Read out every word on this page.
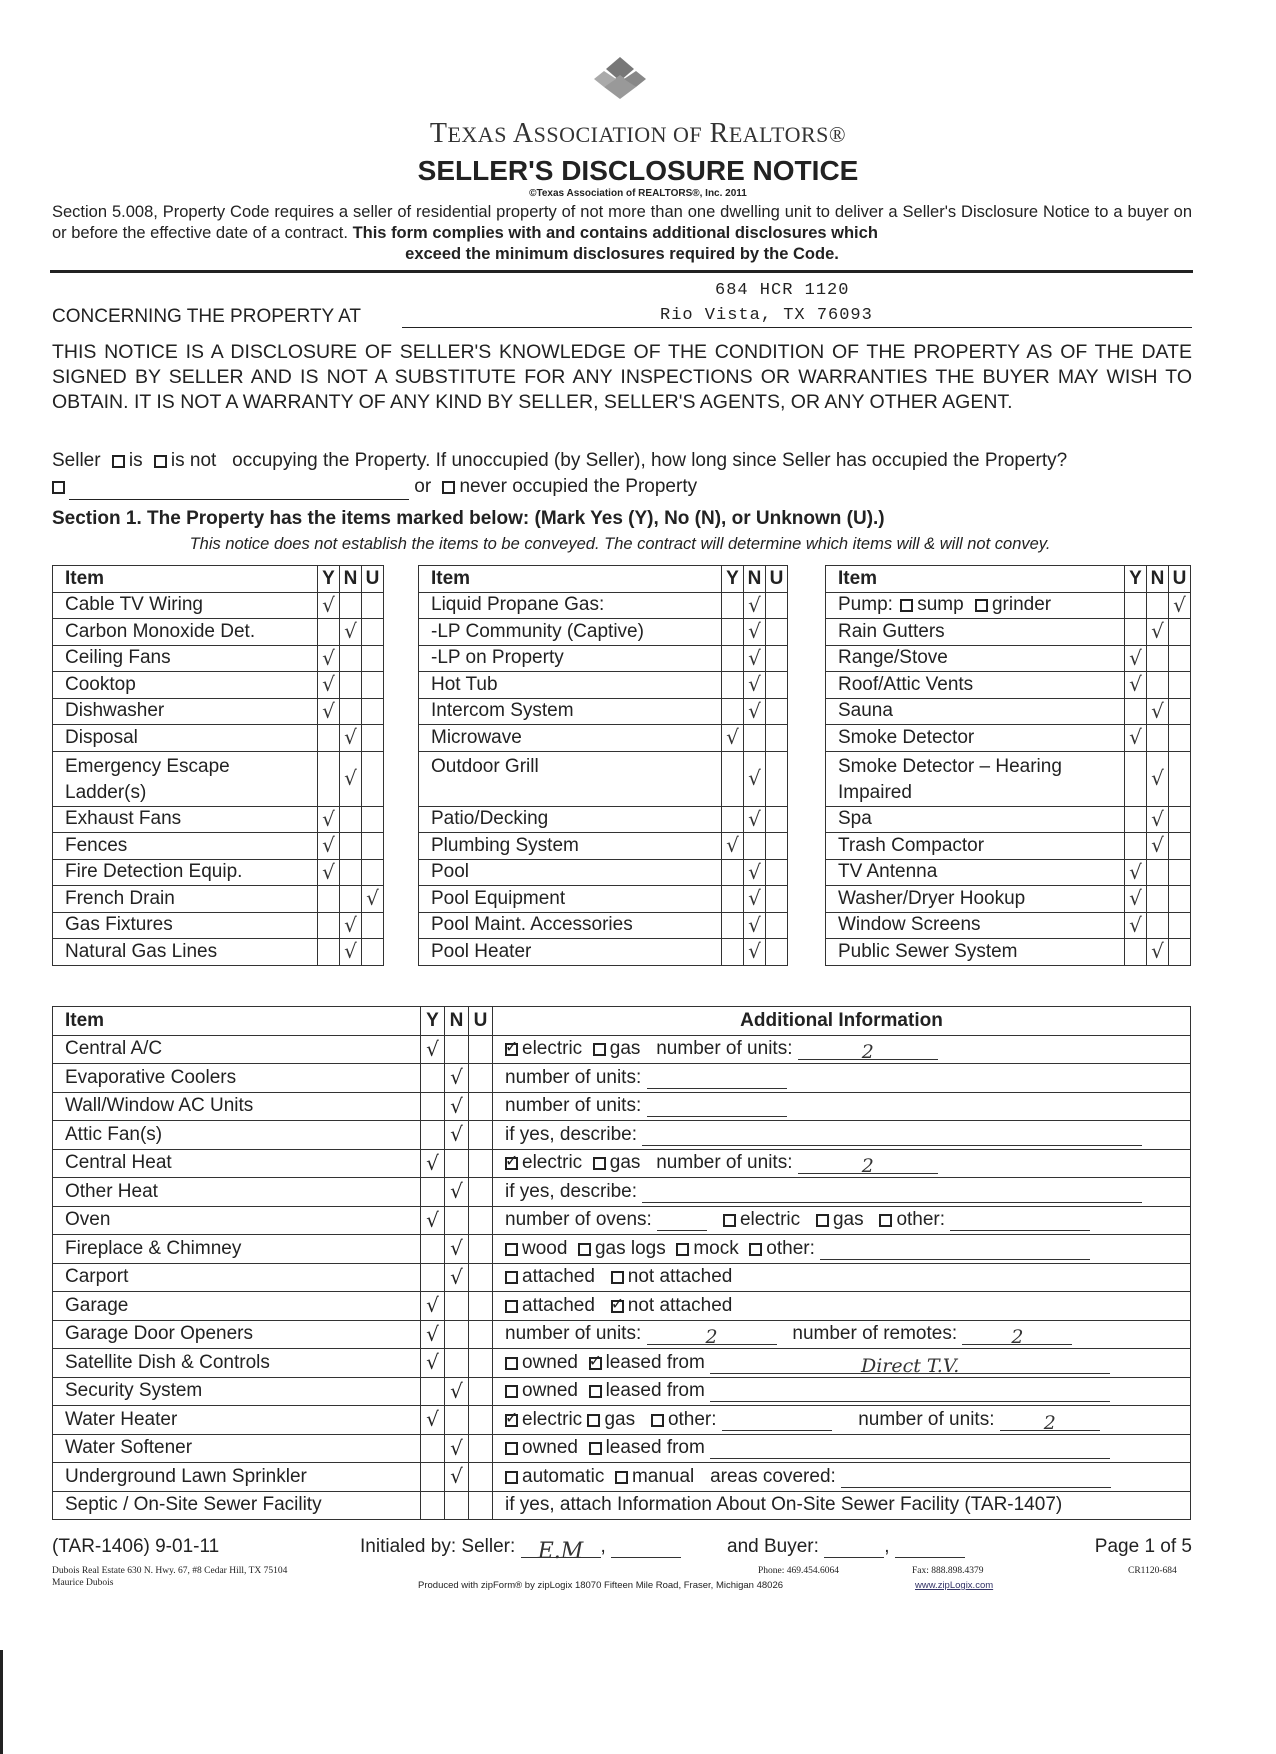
TEXAS ASSOCIATION OF REALTORS®
SELLER'S DISCLOSURE NOTICE
©Texas Association of REALTORS®, Inc. 2011
Section 5.008, Property Code requires a seller of residential property of not more than one dwelling unit to deliver a Seller's Disclosure Notice to a buyer on or before the effective date of a contract. This form complies with and contains additional disclosures which
exceed the minimum disclosures required by the Code.
CONCERNING THE PROPERTY AT
684 HCR 1120
Rio Vista, TX 76093
THIS NOTICE IS A DISCLOSURE OF SELLER'S KNOWLEDGE OF THE CONDITION OF THE PROPERTY AS OF THE DATE SIGNED BY SELLER AND IS NOT A SUBSTITUTE FOR ANY INSPECTIONS OR WARRANTIES THE BUYER MAY WISH TO OBTAIN. IT IS NOT A WARRANTY OF ANY KIND BY SELLER, SELLER'S AGENTS, OR ANY OTHER AGENT.
Seller is is not occupying the Property. If unoccupied (by Seller), how long since Seller has occupied the Property?
or never occupied the Property
Section 1. The Property has the items marked below: (Mark Yes (Y), No (N), or Unknown (U).)
This notice does not establish the items to be conveyed. The contract will determine which items will & will not convey.
Item	Y	N	U
Cable TV Wiring	√		
Carbon Monoxide Det.		√	
Ceiling Fans	√		
Cooktop	√		
Dishwasher	√		
Disposal		√	
Emergency Escape
Ladder(s)		√	
Exhaust Fans	√		
Fences	√		
Fire Detection Equip.	√		
French Drain			√
Gas Fixtures		√	
Natural Gas Lines		√	
Item	Y	N	U
Liquid Propane Gas:		√	
-LP Community (Captive)		√	
-LP on Property		√	
Hot Tub		√	
Intercom System		√	
Microwave	√		
Outdoor Grill		√	
Patio/Decking		√	
Plumbing System	√		
Pool		√	
Pool Equipment		√	
Pool Maint. Accessories		√	
Pool Heater		√	
Item	Y	N	U
Pump: sump grinder			√
Rain Gutters		√	
Range/Stove	√		
Roof/Attic Vents	√		
Sauna		√	
Smoke Detector	√		
Smoke Detector – Hearing
Impaired		√	
Spa		√	
Trash Compactor		√	
TV Antenna	√		
Washer/Dryer Hookup	√		
Window Screens	√		
Public Sewer System		√	
Item	Y	N	U	Additional Information
Central A/C	√			✓electric gas number of units: 2
Evaporative Coolers		√		number of units:
Wall/Window AC Units		√		number of units:
Attic Fan(s)		√		if yes, describe:
Central Heat	√			✓electric gas number of units: 2
Other Heat		√		if yes, describe:
Oven	√			number of ovens: electric gas other:
Fireplace & Chimney		√		wood gas logs mock other:
Carport		√		attached not attached
Garage	√			attached ✓ not attached
Garage Door Openers	√			number of units: 2 number of remotes: 2
Satellite Dish & Controls	√			owned ✓ leased from Direct T.V.
Security System		√		owned leased from
Water Heater	√			✓electric gas other: number of units: 2
Water Softener		√		owned leased from
Underground Lawn Sprinkler		√		automatic manual areas covered:
Septic / On-Site Sewer Facility				if yes, attach Information About On-Site Sewer Facility (TAR-1407)
(TAR-1406) 9-01-11	Initialed by: Seller: E.M ,	and Buyer:	,	Page 1 of 5
Dubois Real Estate 630 N. Hwy. 67, #8 Cedar Hill, TX 75104
Maurice Dubois
Phone: 469.454.6064	Fax: 888.898.4379	CR1120-684
Produced with zipForm® by zipLogix 18070 Fifteen Mile Road, Fraser, Michigan 48026	www.zipLogix.com
